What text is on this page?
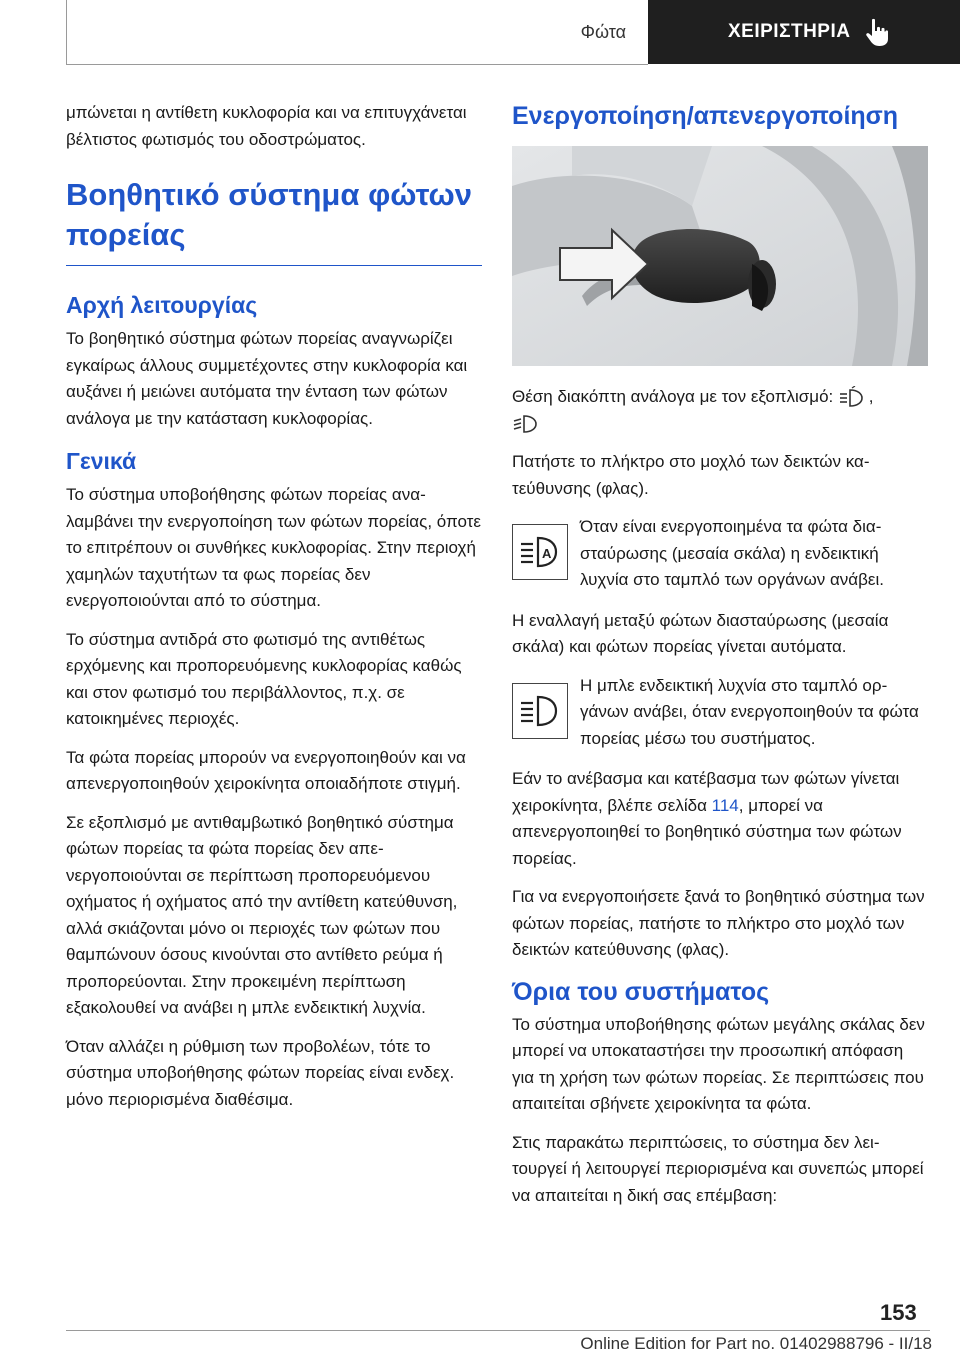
Φώτα	ΧΕΙΡΙΣΤΗΡΙΑ

μπώνεται η αντίθετη κυκλοφορία και να επιτυγχάνεται βέλτιστος φωτισμός του οδοστρώματος.

Βοηθητικό σύστημα φώτων πορείας
Αρχή λειτουργίας

Το βοηθητικό σύστημα φώτων πορείας αναγνωρίζει εγκαίρως άλλους συμμετέχοντες στην κυκλοφορία και αυξάνει ή μειώνει αυτόματα την ένταση των φώτων ανάλογα με την κατάσταση κυκλοφορίας.

Γενικά

Το σύστημα υποβοήθησης φώτων πορείας αναλαμβάνει την ενεργοποίηση των φώτων πορείας, όποτε το επιτρέπουν οι συνθήκες κυκλοφορίας. Στην περιοχή χαμηλών ταχυτήτων τα φως πορείας δεν ενεργοποιούνται από το σύστημα.

Το σύστημα αντιδρά στο φωτισμό της αντιθέτως ερχόμενης και προπορευόμενης κυκλοφορίας καθώς και στον φωτισμό του περιβάλλοντος, π.χ. σε κατοικημένες περιοχές.

Τα φώτα πορείας μπορούν να ενεργοποιηθούν και να απενεργοποιηθούν χειροκίνητα οποιαδήποτε στιγμή.

Σε εξοπλισμό με αντιθαμβωτικό βοηθητικό σύστημα φώτων πορείας τα φώτα πορείας δεν απενεργοποιούνται σε περίπτωση προπορευόμενου οχήματος ή οχήματος από την αντίθετη κατεύθυνση, αλλά σκιάζονται μόνο οι περιοχές των φώτων που θαμπώνουν όσους κινούνται στο αντίθετο ρεύμα ή προπορεύονται. Στην προκειμένη περίπτωση εξακολουθεί να ανάβει η μπλε ενδεικτική λυχνία.

Όταν αλλάζει η ρύθμιση των προβολέων, τότε το σύστημα υποβοήθησης φώτων πορείας είναι ενδεχ. μόνο περιορισμένα διαθέσιμα.

Ενεργοποίηση/απενεργοποίηση

Θέση διακόπτη ανάλογα με τον εξοπλισμό: ,

Πατήστε το πλήκτρο στο μοχλό των δεικτών κατεύθυνσης (φλας).

A
Όταν είναι ενεργοποιημένα τα φώτα διασταύρωσης (μεσαία σκάλα) η ενδεικτική λυχνία στο ταμπλό των οργάνων ανάβει.

Η εναλλαγή μεταξύ φώτων διασταύρωσης (μεσαία σκάλα) και φώτων πορείας γίνεται αυτόματα.

Η μπλε ενδεικτική λυχνία στο ταμπλό οργάνων ανάβει, όταν ενεργοποιηθούν τα φώτα πορείας μέσω του συστήματος.

Εάν το ανέβασμα και κατέβασμα των φώτων γίνεται χειροκίνητα, βλέπε σελίδα 114, μπορεί να απενεργοποιηθεί το βοηθητικό σύστημα των φώτων πορείας.

Για να ενεργοποιήσετε ξανά το βοηθητικό σύστημα των φώτων πορείας, πατήστε το πλήκτρο στο μοχλό των δεικτών κατεύθυνσης (φλας).

Όρια του συστήματος

Το σύστημα υποβοήθησης φώτων μεγάλης σκάλας δεν μπορεί να υποκαταστήσει την προσωπική απόφαση για τη χρήση των φώτων πορείας. Σε περιπτώσεις που απαιτείται σβήνετε χειροκίνητα τα φώτα.

Στις παρακάτω περιπτώσεις, το σύστημα δεν λειτουργεί ή λειτουργεί περιορισμένα και συνεπώς μπορεί να απαιτείται η δική σας επέμβαση:

153
Online Edition for Part no. 01402988796 - II/18
